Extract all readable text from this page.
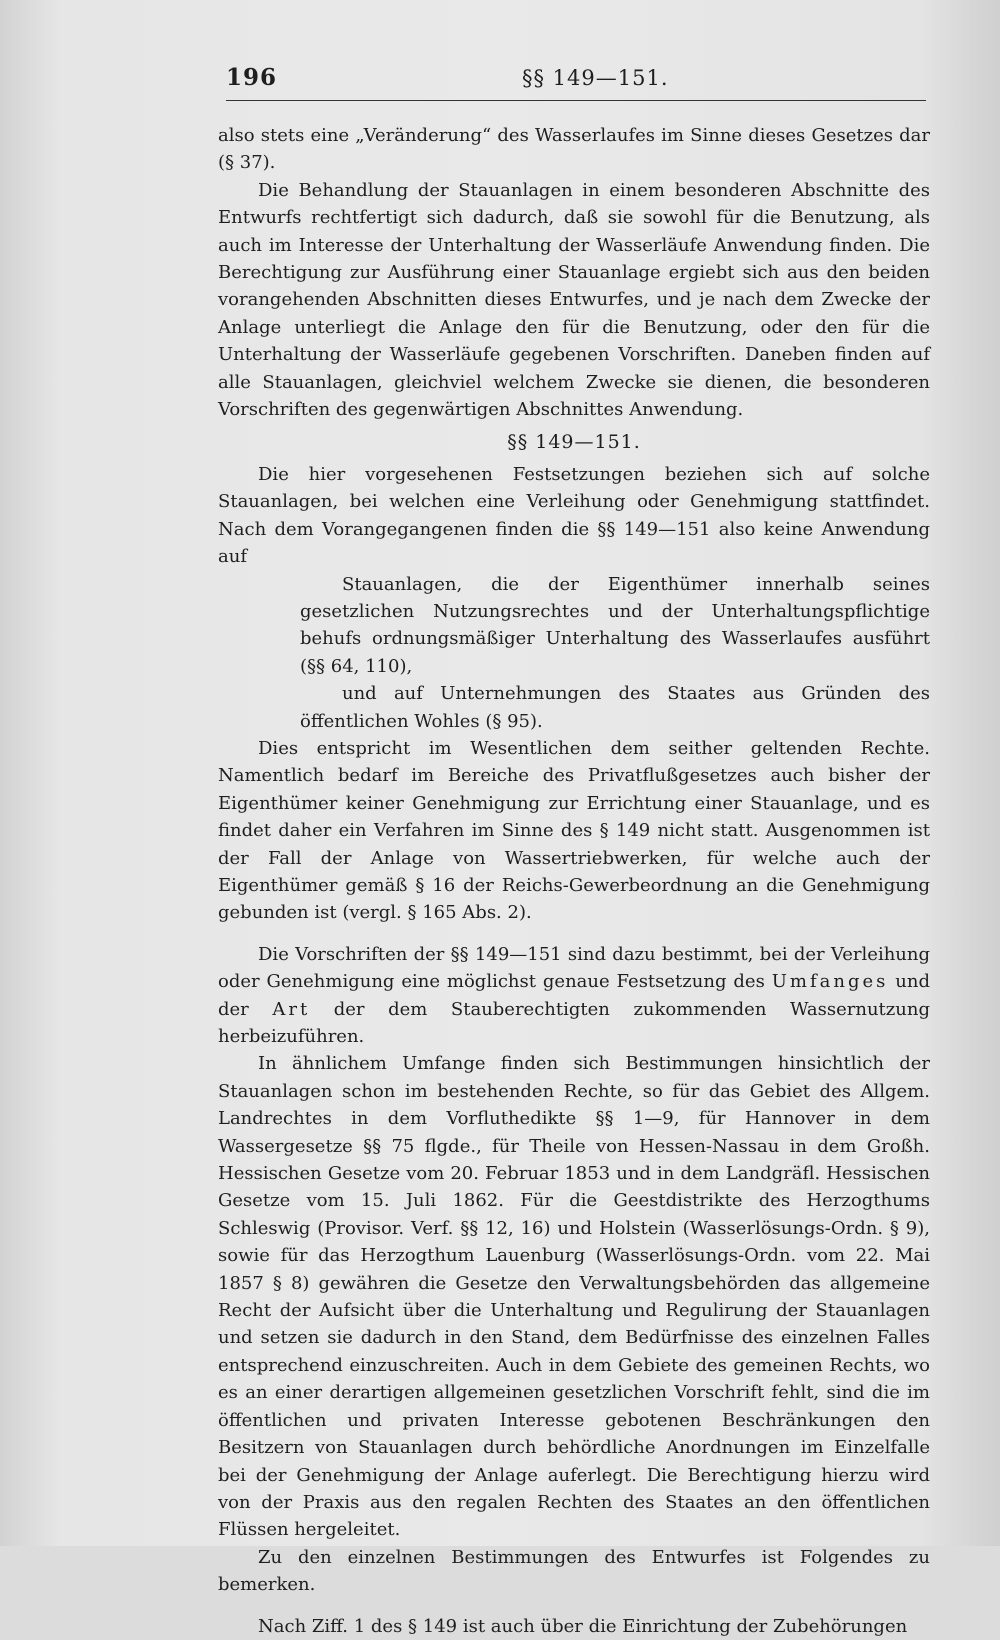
196	§§ 149—151.

also stets eine „Veränderung“ des Wasserlaufes im Sinne dieses Gesetzes dar (§ 37).

Die Behandlung der Stauanlagen in einem besonderen Abschnitte des Entwurfs rechtfertigt sich dadurch, daß sie sowohl für die Benutzung, als auch im Interesse der Unterhaltung der Wasserläufe Anwendung finden. Die Berechtigung zur Ausführung einer Stauanlage ergiebt sich aus den beiden vorangehenden Abschnitten dieses Entwurfes, und je nach dem Zwecke der Anlage unterliegt die Anlage den für die Benutzung, oder den für die Unterhaltung der Wasserläufe gegebenen Vorschriften. Daneben finden auf alle Stauanlagen, gleichviel welchem Zwecke sie dienen, die besonderen Vorschriften des gegenwärtigen Abschnittes Anwendung.

§§ 149—151.

Die hier vorgesehenen Festsetzungen beziehen sich auf solche Stauanlagen, bei welchen eine Verleihung oder Genehmigung stattfindet. Nach dem Vorangegangenen finden die §§ 149—151 also keine Anwendung auf

Stauanlagen, die der Eigenthümer innerhalb seines gesetzlichen Nutzungsrechtes und der Unterhaltungspflichtige behufs ordnungsmäßiger Unterhaltung des Wasserlaufes ausführt (§§ 64, 110),

und auf Unternehmungen des Staates aus Gründen des öffentlichen Wohles (§ 95).

Dies entspricht im Wesentlichen dem seither geltenden Rechte. Namentlich bedarf im Bereiche des Privatflußgesetzes auch bisher der Eigenthümer keiner Genehmigung zur Errichtung einer Stauanlage, und es findet daher ein Verfahren im Sinne des § 149 nicht statt. Ausgenommen ist der Fall der Anlage von Wassertriebwerken, für welche auch der Eigenthümer gemäß § 16 der Reichs-Gewerbeordnung an die Genehmigung gebunden ist (vergl. § 165 Abs. 2).

Die Vorschriften der §§ 149—151 sind dazu bestimmt, bei der Verleihung oder Genehmigung eine möglichst genaue Festsetzung des Umfanges und der Art der dem Stauberechtigten zukommenden Wassernutzung herbeizuführen.

In ähnlichem Umfange finden sich Bestimmungen hinsichtlich der Stauanlagen schon im bestehenden Rechte, so für das Gebiet des Allgem. Landrechtes in dem Vorfluthedikte §§ 1—9, für Hannover in dem Wassergesetze §§ 75 flgde., für Theile von Hessen-Nassau in dem Großh. Hessischen Gesetze vom 20. Februar 1853 und in dem Landgräfl. Hessischen Gesetze vom 15. Juli 1862. Für die Geestdistrikte des Herzogthums Schleswig (Provisor. Verf. §§ 12, 16) und Holstein (Wasserlösungs-Ordn. § 9), sowie für das Herzogthum Lauenburg (Wasserlösungs-Ordn. vom 22. Mai 1857 § 8) gewähren die Gesetze den Verwaltungsbehörden das allgemeine Recht der Aufsicht über die Unterhaltung und Regulirung der Stauanlagen und setzen sie dadurch in den Stand, dem Bedürfnisse des einzelnen Falles entsprechend einzuschreiten. Auch in dem Gebiete des gemeinen Rechts, wo es an einer derartigen allgemeinen gesetzlichen Vorschrift fehlt, sind die im öffentlichen und privaten Interesse gebotenen Beschränkungen den Besitzern von Stauanlagen durch behördliche Anordnungen im Einzelfalle bei der Genehmigung der Anlage auferlegt. Die Berechtigung hierzu wird von der Praxis aus den regalen Rechten des Staates an den öffentlichen Flüssen hergeleitet.

Zu den einzelnen Bestimmungen des Entwurfes ist Folgendes zu bemerken.

Nach Ziff. 1 des § 149 ist auch über die Einrichtung der Zubehörungen
